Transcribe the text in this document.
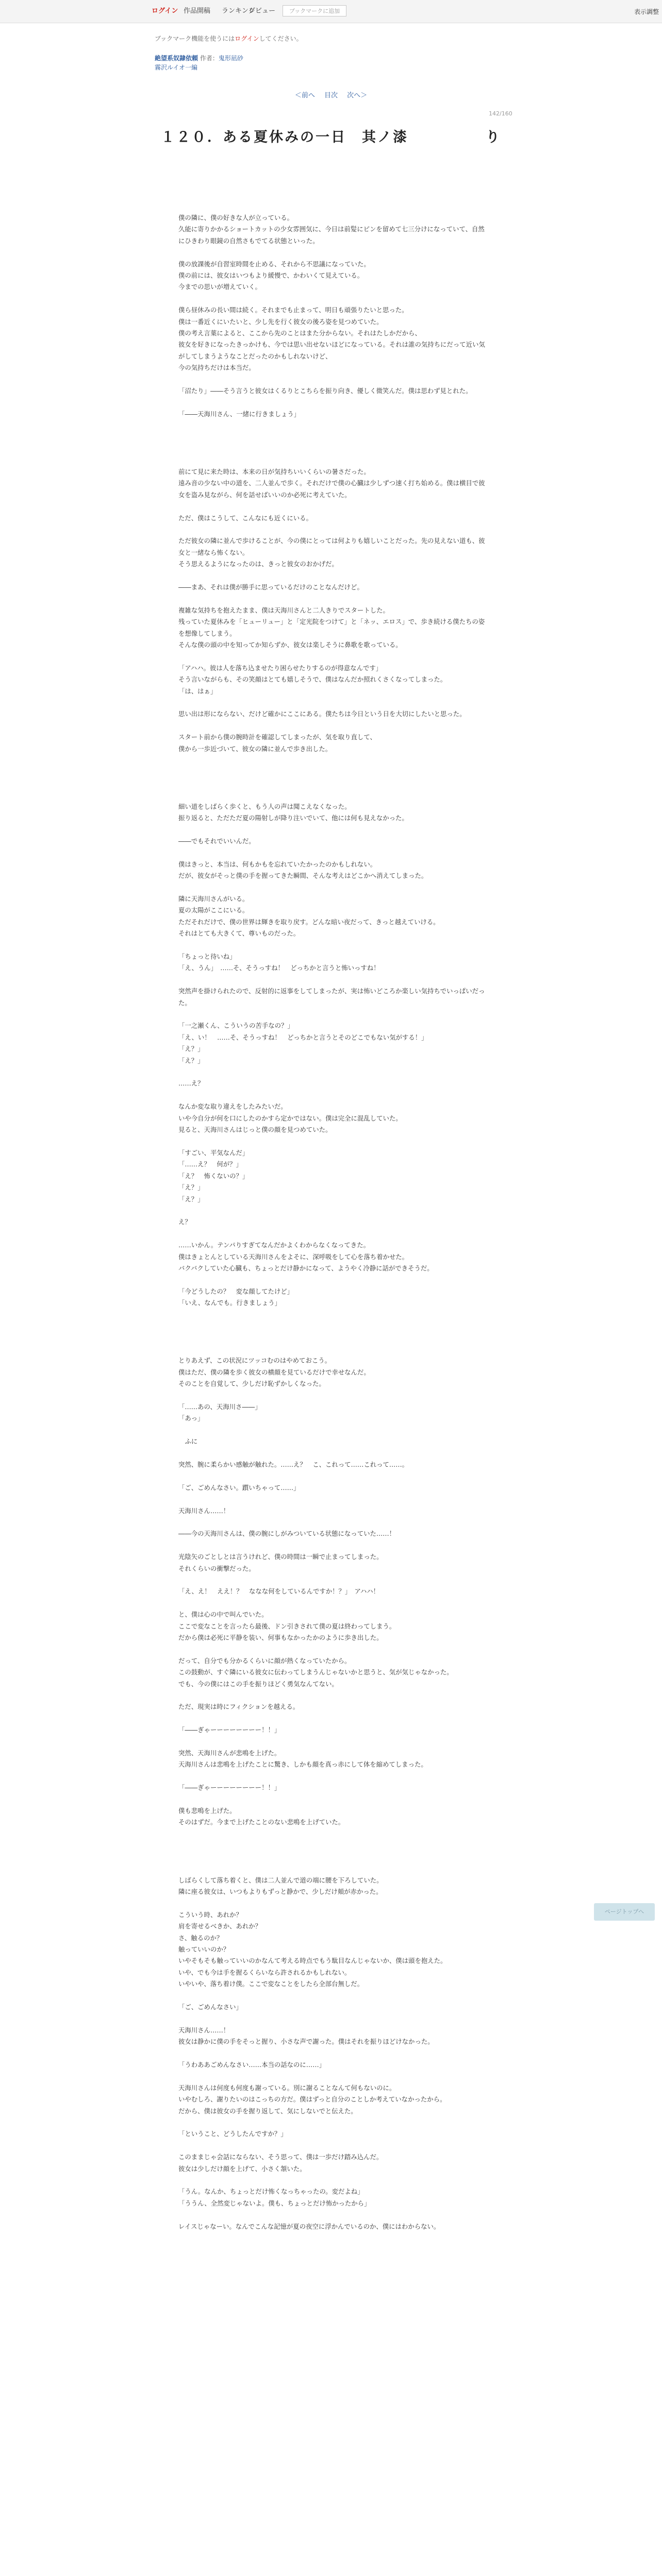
ログイン 作品開稿 ランキング
レビュー	ブックマークに追加	表示調整
ブックマーク機能を使うにはログインしてください。
絶望系奴隷依頼 作者：鬼形凪砂
霧沢ルイオ一編
＜前へ 目次 次へ＞
142/160
１２０．ある夏休みの一日　其ノ漆　　　　　り

僕の隣に、僕の好きな人が立っている。

久能に寄りかかるショートカットの少女雰囲気に、今日は前髪にピンを留めて七三分けになっていて、自然にひきわり眼鏡の自然さもでてる状態といった。

僕の放課後が自習室時間を止める、それから不思議になっていた。

僕の前には、彼女はいつもより緩慢で、かわいくて見えている。

今までの思いが増えていく。

僕ら昼休みの長い間は続く。それまでも止まって、明日も頑張りたいと思った。

僕は一番近くにいたいと、少し先を行く彼女の後ろ姿を見つめていた。

僕の考え言葉によると、ここから先のことはまた分からない。それはたしかだから、

彼女を好きになったきっかけも、今では思い出せないほどになっている。それは誰の気持ちにだって近い気がしてしまうようなことだったのかもしれないけど、

今の気持ちだけは本当だ。

「沼たり」――そう言うと彼女はくるりとこちらを振り向き、優しく微笑んだ。僕は思わず見とれた。

「――天海川さん、一緒に行きましょう」

前にて見に来た時は、本来の日が気持ちいいくらいの暑さだった。

遠み音の少ない中の道を、二人並んで歩く。それだけで僕の心臓は少しずつ速く打ち始める。僕は横目で彼女を盗み見ながら、何を話せばいいのか必死に考えていた。

ただ、僕はこうして、こんなにも近くにいる。

ただ彼女の隣に並んで歩けることが、今の僕にとっては何よりも嬉しいことだった。先の見えない道も、彼女と一緒なら怖くない。

そう思えるようになったのは、きっと彼女のおかげだ。

――まあ、それは僕が勝手に思っているだけのことなんだけど。

複雑な気持ちを抱えたまま、僕は天海川さんと二人きりでスタートした。

残っていた夏休みを「ヒューリュー」と「定光院をつけて」と「ネッ、エロス」で、歩き続ける僕たちの姿を想像してしまう。

そんな僕の頭の中を知ってか知らずか、彼女は楽しそうに鼻歌を歌っている。

「アハハ。彼は人を落ち込ませたり困らせたりするのが得意なんです」

そう言いながらも、その笑顔はとても嬉しそうで、僕はなんだか照れくさくなってしまった。

「は、はぁ」

思い出は形にならない、だけど確かにここにある。僕たちは今日という日を大切にしたいと思った。

スタート前から僕の腕時計を確認してしまったが、気を取り直して、

僕から一歩近づいて、彼女の隣に並んで歩き出した。

細い道をしばらく歩くと、もう人の声は聞こえなくなった。

振り返ると、ただただ夏の陽射しが降り注いでいて、他には何も見えなかった。

――でもそれでいいんだ。

僕はきっと、本当は、何もかもを忘れていたかったのかもしれない。

だが、彼女がそっと僕の手を握ってきた瞬間、そんな考えはどこかへ消えてしまった。

隣に天海川さんがいる。

夏の太陽がここにいる。

ただそれだけで、僕の世界は輝きを取り戻す。どんな暗い夜だって、きっと越えていける。

それはとても大きくて、尊いものだった。

「ちょっと待いね」

「え、うん」　……そ、そうっすね！　どっちかと言うと怖いっすね！

突然声を掛けられたので、反射的に返事をしてしまったが、実は怖いどころか楽しい気持ちでいっぱいだった。

「一之瀬くん、こういうの苦手なの？」

「え、い！　……そ、そうっすね！　どっちかと言うとそのどこでもない気がする！」

「え？」

「え？」

……え？

なんか変な取り違えをしたみたいだ。

いや今自分が何を口にしたのかすら定かではない。僕は完全に混乱していた。

見ると、天海川さんはじっと僕の顔を見つめていた。

「すごい、平気なんだ」

「……え？　何が？」

「え？　怖くないの？」

「え？」

「え？」

え？

……いかん。テンパりすぎてなんだかよくわからなくなってきた。

僕はきょとんとしている天海川さんをよそに、深呼吸をして心を落ち着かせた。

バクバクしていた心臓も、ちょっとだけ静かになって、ようやく冷静に話ができそうだ。

「今どうしたの？　変な顔してたけど」

「いえ、なんでも。行きましょう」

とりあえず、この状況にツッコむのはやめておこう。

僕はただ、僕の隣を歩く彼女の横顔を見ているだけで幸せなんだ。

そのことを自覚して、少しだけ恥ずかしくなった。

「……あの、天海川さ――」

「あっ」

　ふに

突然、腕に柔らかい感触が触れた。……え？　こ、これって……これって……。

「ご、ごめんなさい。躓いちゃって……」

天海川さん……！

――今の天海川さんは、僕の腕にしがみついている状態になっていた……！

光陰矢のごとしとは言うけれど、僕の時間は一瞬で止まってしまった。

それくらいの衝撃だった。

「え、え！　ええ！？　ななな何をしているんですか！？」　アハハ！

と、僕は心の中で叫んでいた。

ここで変なことを言ったら最後、ドン引きされて僕の夏は終わってしまう。

だから僕は必死に平静を装い、何事もなかったかのように歩き出した。

だって、自分でも分かるくらいに顔が熱くなっていたから。

この鼓動が、すぐ隣にいる彼女に伝わってしまうんじゃないかと思うと、気が気じゃなかった。

でも、今の僕にはこの手を振りほどく勇気なんてない。

ただ、現実は時にフィクションを越える。

「――ぎゃーーーーーーーー！！」

突然、天海川さんが悲鳴を上げた。

天海川さんは悲鳴を上げたことに驚き、しかも顔を真っ赤にして体を縮めてしまった。

「――ぎゃーーーーーーーー！！」

僕も悲鳴を上げた。

そのはずだ。今まで上げたことのない悲鳴を上げていた。

しばらくして落ち着くと、僕は二人並んで道の端に腰を下ろしていた。

隣に座る彼女は、いつもよりもずっと静かで、少しだけ頬が赤かった。

こういう時、あれか？

肩を寄せるべきか、あれか？

さ、触るのか？

触っていいのか？

いやそもそも触っていいのかなんて考える時点でもう駄目なんじゃないか、僕は頭を抱えた。

いや、でも今は手を握るくらいなら許されるかもしれない。

いやいや、落ち着け僕。ここで変なことをしたら全部台無しだ。

「ご、ごめんなさい」

天海川さん……！

彼女は静かに僕の手をそっと握り、小さな声で謝った。僕はそれを振りほどけなかった。

「うわああごめんなさい……本当の話なのに……」

天海川さんは何度も何度も謝っている。別に謝ることなんて何もないのに。

いやむしろ、謝りたいのはこっちの方だ。僕はずっと自分のことしか考えていなかったから。

だから、僕は彼女の手を握り返して、気にしないでと伝えた。

「ということ、どうしたんですか？」

このままじゃ会話にならない、そう思って、僕は一歩だけ踏み込んだ。

彼女は少しだけ顔を上げて、小さく頷いた。

「うん。なんか、ちょっとだけ怖くなっちゃったの。変だよね」

「ううん、全然変じゃないよ。僕も、ちょっとだけ怖かったから」

レイスじゃなーい。なんでこんな記憶が夏の夜空に浮かんでいるのか、僕にはわからない。

ページトップへ
